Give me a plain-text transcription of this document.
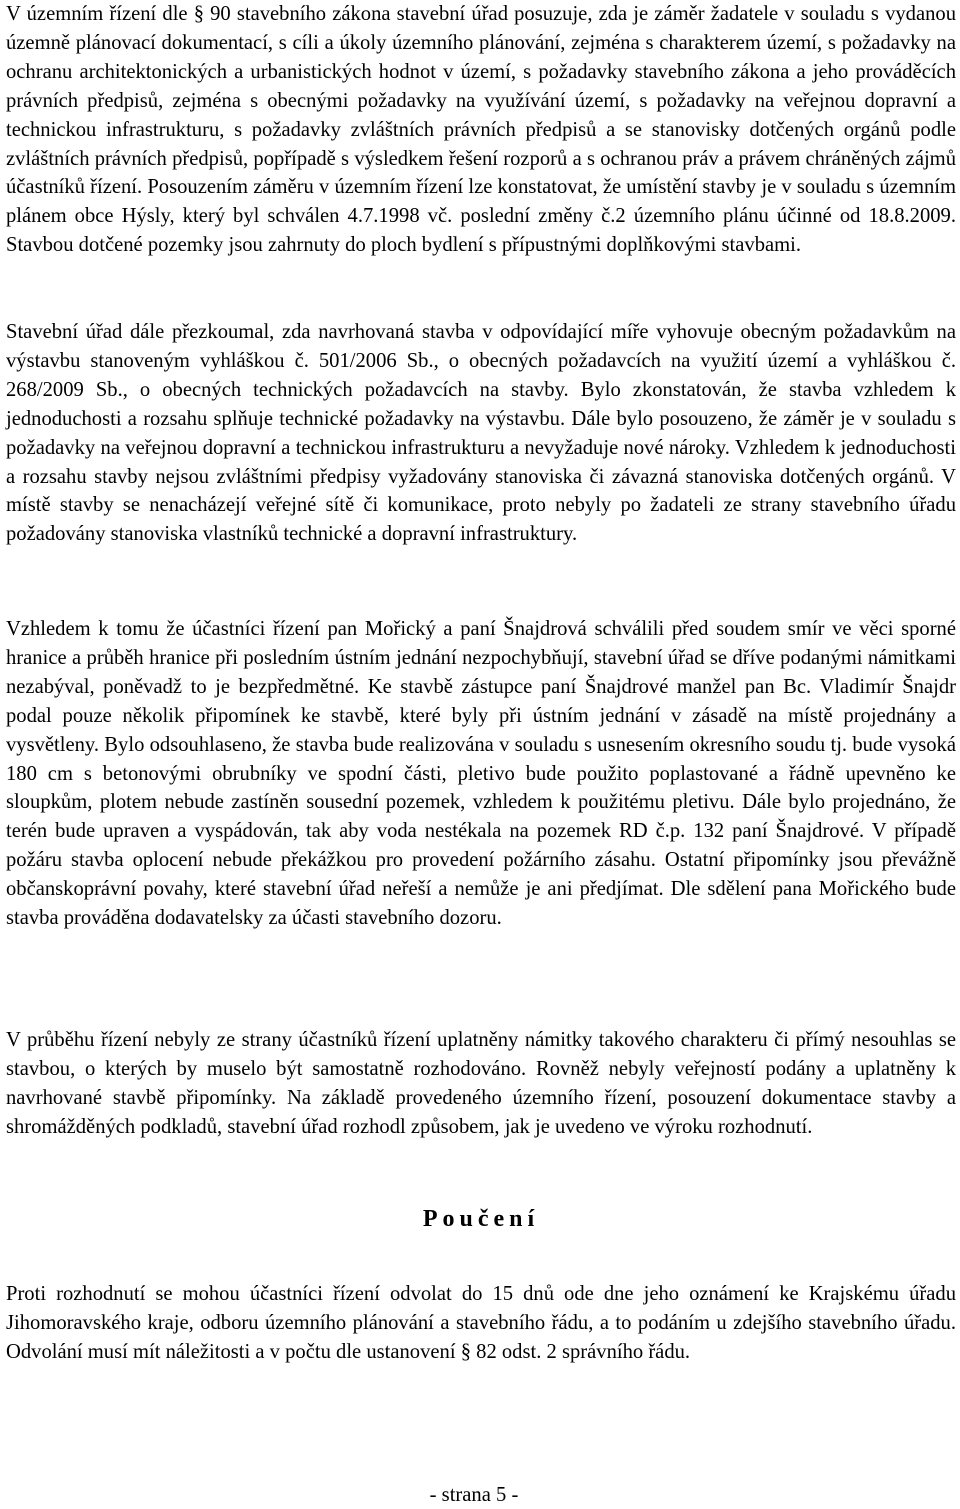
V územním řízení dle § 90 stavebního zákona stavební úřad posuzuje, zda je záměr žadatele v souladu s vydanou územně plánovací dokumentací, s cíli a úkoly územního plánování, zejména s charakterem území, s požadavky na ochranu architektonických a urbanistických hodnot v území, s požadavky stavebního zákona a jeho prováděcích právních předpisů, zejména s obecnými požadavky na využívání území, s požadavky na veřejnou dopravní a technickou infrastrukturu, s požadavky zvláštních právních předpisů a se stanovisky dotčených orgánů podle zvláštních právních předpisů, popřípadě s výsledkem řešení rozporů a s ochranou práv a právem chráněných zájmů účastníků řízení. Posouzením záměru v územním řízení lze konstatovat, že umístění stavby je v souladu s územním plánem obce Hýsly, který byl schválen 4.7.1998 vč. poslední změny č.2 územního plánu účinné od 18.8.2009. Stavbou dotčené pozemky jsou zahrnuty do ploch bydlení s přípustnými doplňkovými stavbami.

Stavební úřad dále přezkoumal, zda navrhovaná stavba v odpovídající míře vyhovuje obecným požadavkům na výstavbu stanoveným vyhláškou č. 501/2006 Sb., o obecných požadavcích na využití území a vyhláškou č. 268/2009 Sb., o obecných technických požadavcích na stavby. Bylo zkonstatován, že stavba vzhledem k jednoduchosti a rozsahu splňuje technické požadavky na výstavbu. Dále bylo posouzeno, že záměr je v souladu s požadavky na veřejnou dopravní a technickou infrastrukturu a nevyžaduje nové nároky. Vzhledem k jednoduchosti a rozsahu stavby nejsou zvláštními předpisy vyžadovány stanoviska či závazná stanoviska dotčených orgánů. V místě stavby se nenacházejí veřejné sítě či komunikace, proto nebyly po žadateli ze strany stavebního úřadu požadovány stanoviska vlastníků technické a dopravní infrastruktury.

Vzhledem k tomu že účastníci řízení pan Mořický a paní Šnajdrová schválili před soudem smír ve věci sporné hranice a průběh hranice při posledním ústním jednání nezpochybňují, stavební úřad se dříve podanými námitkami nezabýval, poněvadž to je bezpředmětné. Ke stavbě zástupce paní Šnajdrové manžel pan Bc. Vladimír Šnajdr podal pouze několik připomínek ke stavbě, které byly při ústním jednání v zásadě na místě projednány a vysvětleny. Bylo odsouhlaseno, že stavba bude realizována v souladu s usnesením okresního soudu tj. bude vysoká 180 cm s betonovými obrubníky ve spodní části, pletivo bude použito poplastované a řádně upevněno ke sloupkům, plotem nebude zastíněn sousední pozemek, vzhledem k použitému pletivu. Dále bylo projednáno, že terén bude upraven a vyspádován, tak aby voda nestékala na pozemek RD č.p. 132 paní Šnajdrové. V případě požáru stavba oplocení nebude překážkou pro provedení požárního zásahu. Ostatní připomínky jsou převážně občanskoprávní povahy, které stavební úřad neřeší a nemůže je ani předjímat. Dle sdělení pana Mořického bude stavba prováděna dodavatelsky za účasti stavebního dozoru.

V průběhu řízení nebyly ze strany účastníků řízení uplatněny námitky takového charakteru či přímý nesouhlas se stavbou, o kterých by muselo být samostatně rozhodováno. Rovněž nebyly veřejností podány a uplatněny k navrhované stavbě připomínky. Na základě provedeného územního řízení, posouzení dokumentace stavby a shromážděných podkladů, stavební úřad rozhodl způsobem, jak je uvedeno ve výroku rozhodnutí.

Poučení

Proti rozhodnutí se mohou účastníci řízení odvolat do 15 dnů ode dne jeho oznámení ke Krajskému úřadu Jihomoravského kraje, odboru územního plánování a stavebního řádu, a to podáním u zdejšího stavebního úřadu. Odvolání musí mít náležitosti a v počtu dle ustanovení § 82 odst. 2 správního řádu.

- strana 5 -
